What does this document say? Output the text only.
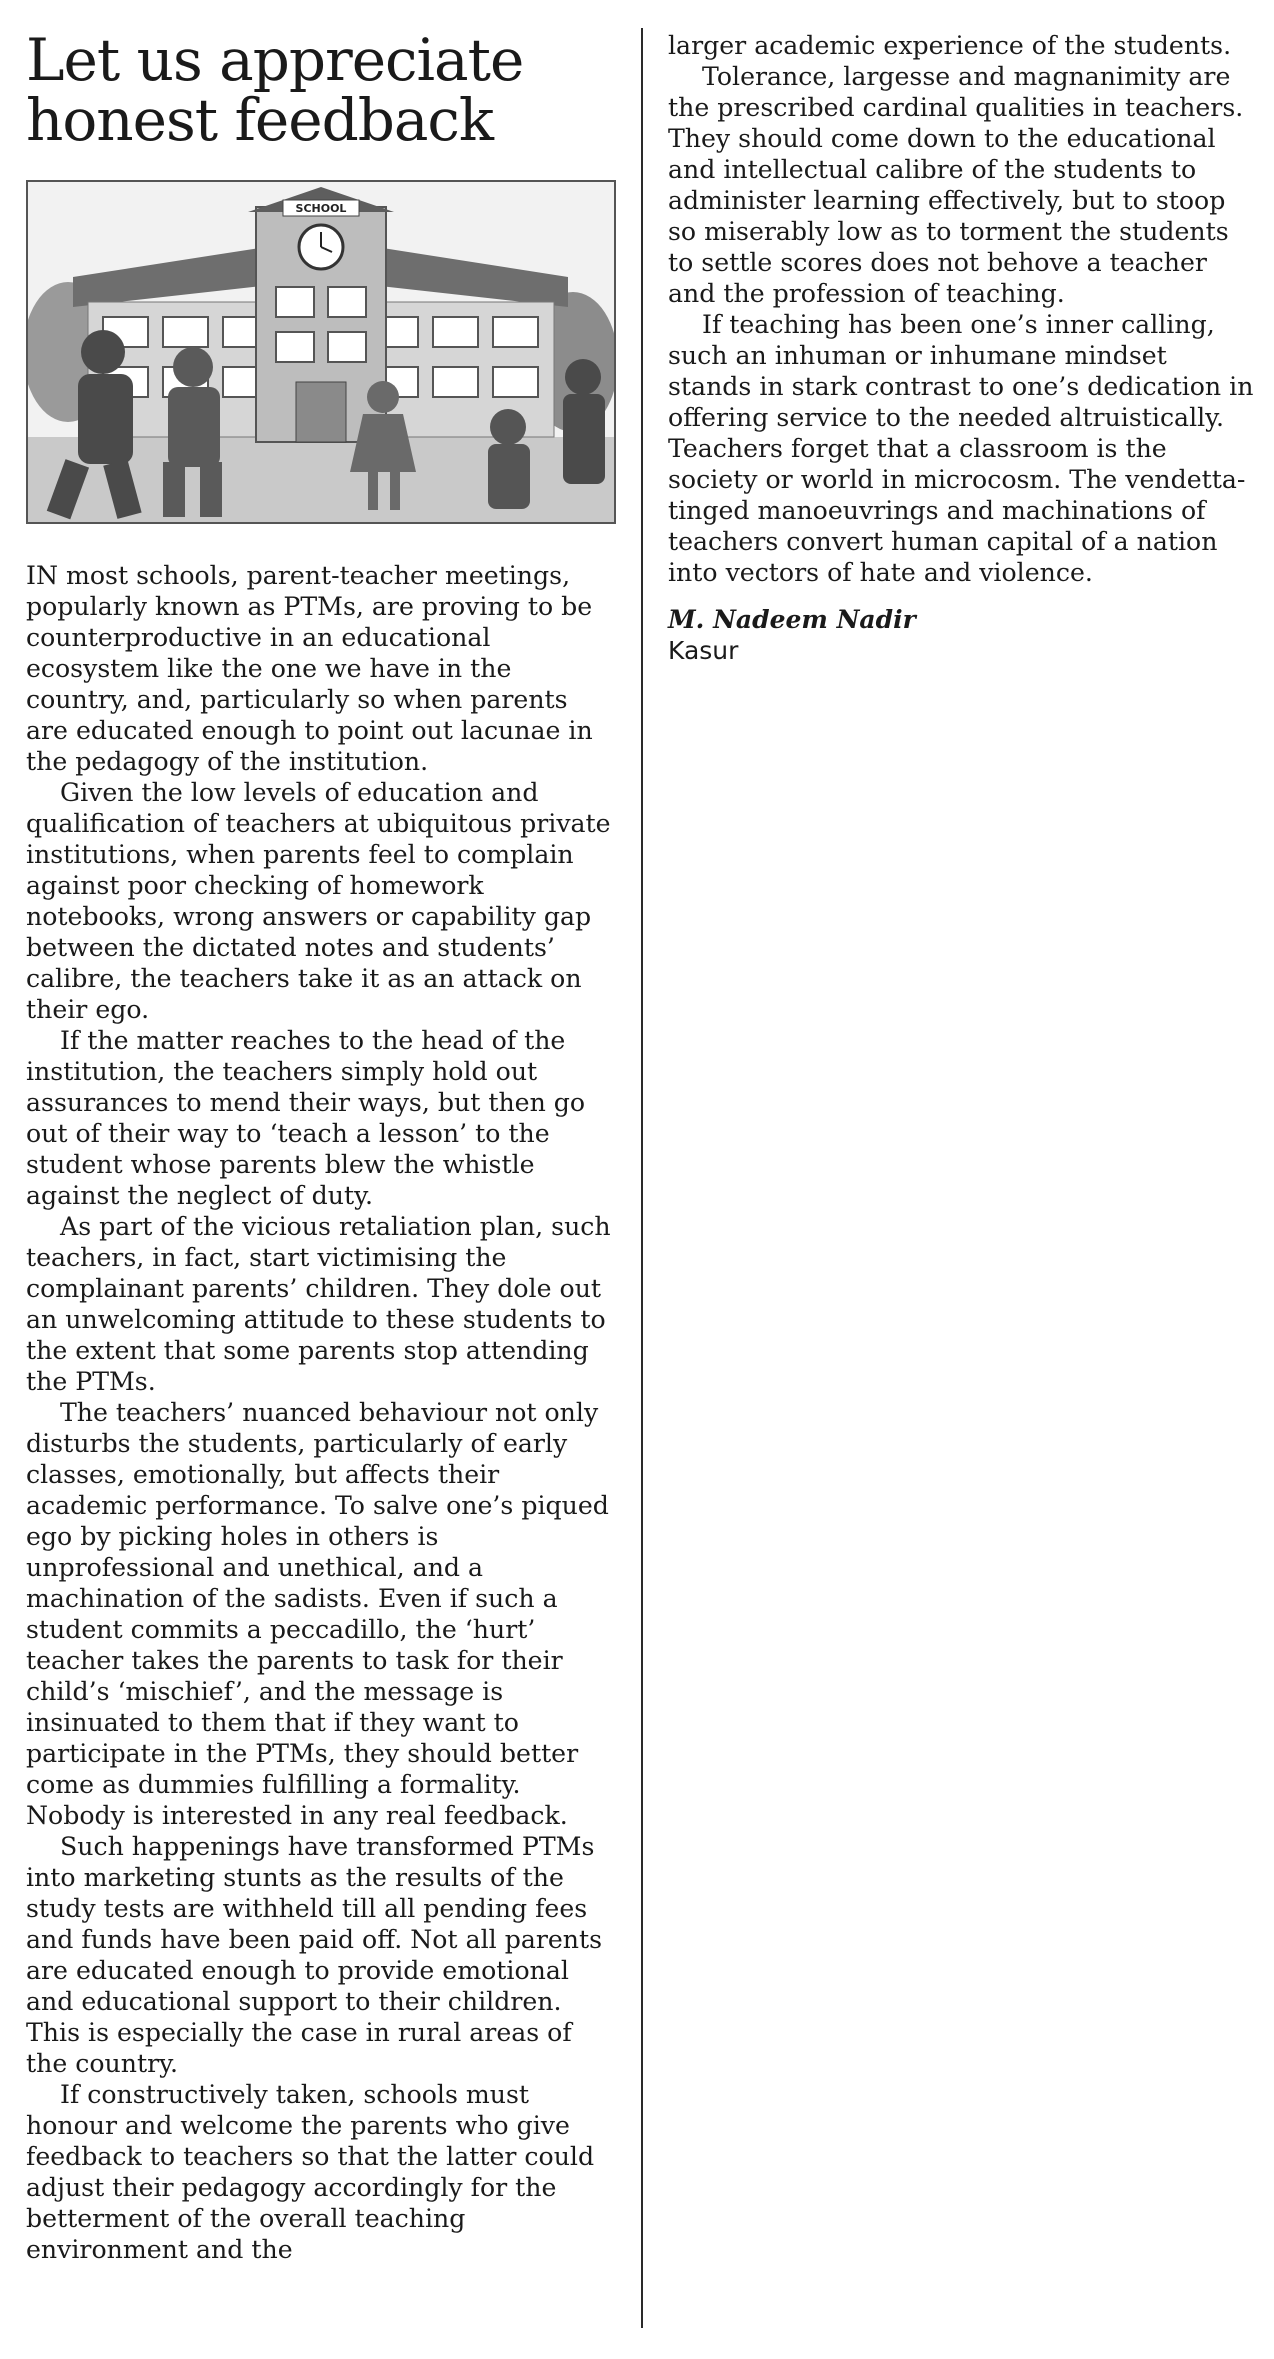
Let us appreciate honest feedback
SCHOOL

IN most schools, parent-teacher meetings, popularly known as PTMs, are proving to be counterproductive in an educational ecosystem like the one we have in the country, and, particularly so when parents are educated enough to point out lacunae in the pedagogy of the institution.

Given the low levels of education and qualification of teachers at ubiquitous private institutions, when parents feel to complain against poor checking of homework notebooks, wrong answers or capability gap between the dictated notes and students’ calibre, the teachers take it as an attack on their ego.

If the matter reaches to the head of the institution, the teachers simply hold out assurances to mend their ways, but then go out of their way to ‘teach a lesson’ to the student whose parents blew the whistle against the neglect of duty.

As part of the vicious retaliation plan, such teachers, in fact, start victimising the complainant parents’ children. They dole out an unwelcoming attitude to these students to the extent that some parents stop attending the PTMs.

The teachers’ nuanced behaviour not only disturbs the students, particularly of early classes, emotionally, but affects their academic performance. To salve one’s piqued ego by picking holes in others is unprofessional and unethical, and a machination of the sadists. Even if such a student commits a peccadillo, the ‘hurt’ teacher takes the parents to task for their child’s ‘mischief’, and the message is insinuated to them that if they want to participate in the PTMs, they should better come as dummies fulfilling a formality. Nobody is interested in any real feedback.

Such happenings have transformed PTMs into marketing stunts as the results of the study tests are withheld till all pending fees and funds have been paid off. Not all parents are educated enough to provide emotional and educational support to their children. This is especially the case in rural areas of the country.

If constructively taken, schools must honour and welcome the parents who give feedback to teachers so that the latter could adjust their pedagogy accordingly for the betterment of the overall teaching environment and the

larger academic experience of the students.

Tolerance, largesse and magnanimity are the prescribed cardinal qualities in teachers. They should come down to the educational and intellectual calibre of the students to administer learning effectively, but to stoop so miserably low as to torment the students to settle scores does not behove a teacher and the profession of teaching.

If teaching has been one’s inner calling, such an inhuman or inhumane mindset stands in stark contrast to one’s dedication in offering service to the needed altruistically. Teachers forget that a classroom is the society or world in microcosm. The vendetta-tinged manoeuvrings and machinations of teachers convert human capital of a nation into vectors of hate and violence.

M. Nadeem Nadir
Kasur
